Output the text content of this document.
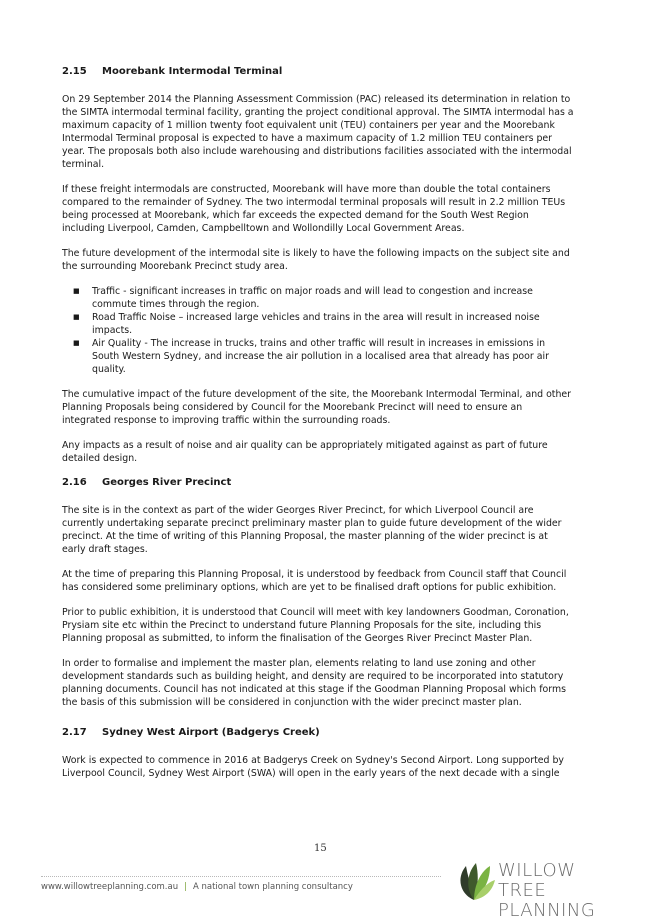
2.15	Moorebank Intermodal Terminal

On 29 September 2014 the Planning Assessment Commission (PAC) released its determination in relation to the SIMTA intermodal terminal facility, granting the project conditional approval. The SIMTA intermodal has a maximum capacity of 1 million twenty foot equivalent unit (TEU) containers per year and the Moorebank Intermodal Terminal proposal is expected to have a maximum capacity of 1.2 million TEU containers per year. The proposals both also include warehousing and distributions facilities associated with the intermodal terminal.

If these freight intermodals are constructed, Moorebank will have more than double the total containers compared to the remainder of Sydney. The two intermodal terminal proposals will result in 2.2 million TEUs being processed at Moorebank, which far exceeds the expected demand for the South West Region including Liverpool, Camden, Campbelltown and Wollondilly Local Government Areas.

The future development of the intermodal site is likely to have the following impacts on the subject site and the surrounding Moorebank Precinct study area.

■ Traffic - significant increases in traffic on major roads and will lead to congestion and increase commute times through the region.
■ Road Traffic Noise – increased large vehicles and trains in the area will result in increased noise impacts.
■ Air Quality - The increase in trucks, trains and other traffic will result in increases in emissions in South Western Sydney, and increase the air pollution in a localised area that already has poor air quality.

The cumulative impact of the future development of the site, the Moorebank Intermodal Terminal, and other Planning Proposals being considered by Council for the Moorebank Precinct will need to ensure an integrated response to improving traffic within the surrounding roads.

Any impacts as a result of noise and air quality can be appropriately mitigated against as part of future detailed design.

2.16	Georges River Precinct

The site is in the context as part of the wider Georges River Precinct, for which Liverpool Council are currently undertaking separate precinct preliminary master plan to guide future development of the wider precinct. At the time of writing of this Planning Proposal, the master planning of the wider precinct is at early draft stages.

At the time of preparing this Planning Proposal, it is understood by feedback from Council staff that Council has considered some preliminary options, which are yet to be finalised draft options for public exhibition.

Prior to public exhibition, it is understood that Council will meet with key landowners Goodman, Coronation, Prysiam site etc within the Precinct to understand future Planning Proposals for the site, including this Planning proposal as submitted, to inform the finalisation of the Georges River Precinct Master Plan.

In order to formalise and implement the master plan, elements relating to land use zoning and other development standards such as building height, and density are required to be incorporated into statutory planning documents. Council has not indicated at this stage if the Goodman Planning Proposal which forms the basis of this submission will be considered in conjunction with the wider precinct master plan.

2.17	Sydney West Airport (Badgerys Creek)

Work is expected to commence in 2016 at Badgerys Creek on Sydney's Second Airport. Long supported by Liverpool Council, Sydney West Airport (SWA) will open in the early years of the next decade with a single

15
www.willowtreeplanning.com.au | A national town planning consultancy
WILLOW TREE
PLANNING
